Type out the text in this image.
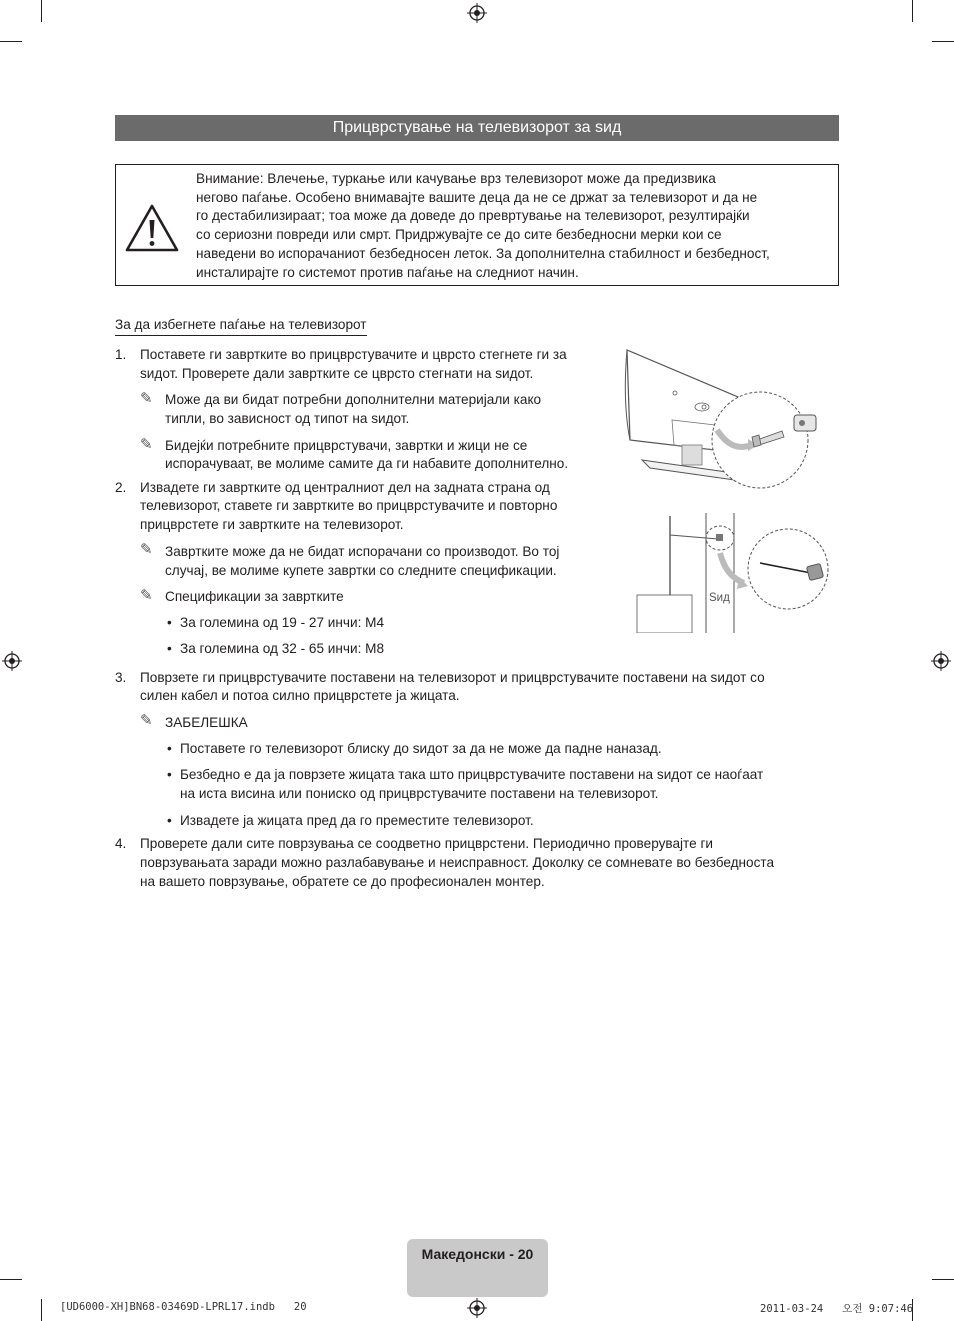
Прицврстување на телевизорот за ѕид
Внимание: Влечење, туркање или качување врз телевизорот може да предизвика
негово паѓање. Особено внимавајте вашите деца да не се држат за телевизорот и да не
го дестабилизираат; тоа може да доведе до превртување на телевизорот, резултирајќи
со сериозни повреди или смрт. Придржувајте се до сите безбедносни мерки кои се
наведени во испорачаниот безбедносен леток. За дополнителна стабилност и безбедност,
инсталирајте го системот против паѓање на следниот начин.
За да избегнете паѓање на телевизорот
1. Поставете ги завртките во прицврстувачите и цврсто стегнете ги за
ѕидот. Проверете дали завртките се цврсто стегнати на ѕидот.
✎ Може да ви бидат потребни дополнителни материјали како
типли, во зависност од типот на ѕидот.
✎ Бидејќи потребните прицврстувачи, завртки и жици не се
испорачуваат, ве молиме самите да ги набавите дополнително.
2. Извадете ги завртките од централниот дел на задната страна од
телевизорот, ставете ги завртките во прицврстувачите и повторно
прицврстете ги завртките на телевизорот.
✎ Завртките може да не бидат испорачани со производот. Во тој
случај, ве молиме купете завртки со следните спецификации.
✎ Спецификации за завртките
• За големина од 19 - 27 инчи: M4
• За големина од 32 - 65 инчи: M8
3. Поврзете ги прицврстувачите поставени на телевизорот и прицврстувачите поставени на ѕидот со
силен кабел и потоа силно прицврстете ја жицата.
✎ ЗАБЕЛЕШКА
• Поставете го телевизорот блиску до ѕидот за да не може да падне наназад.
• Безбедно е да ја поврзете жицата така што прицврстувачите поставени на ѕидот се наоѓаат
на иста висина или пониско од прицврстувачите поставени на телевизорот.
• Извадете ја жицата пред да го преместите телевизорот.
4. Проверете дали сите поврзувања се соодветно прицврстени. Периодично проверувајте ги
поврзувањата заради можно разлабавување и неисправност. Доколку се сомневате во безбедноста
на вашето поврзување, обратете се до професионален монтер.
Ѕид
Македонски - 20
[UD6000-XH]BN68-03469D-LPRL17.indb   20	2011-03-24   오전 9:07:46
